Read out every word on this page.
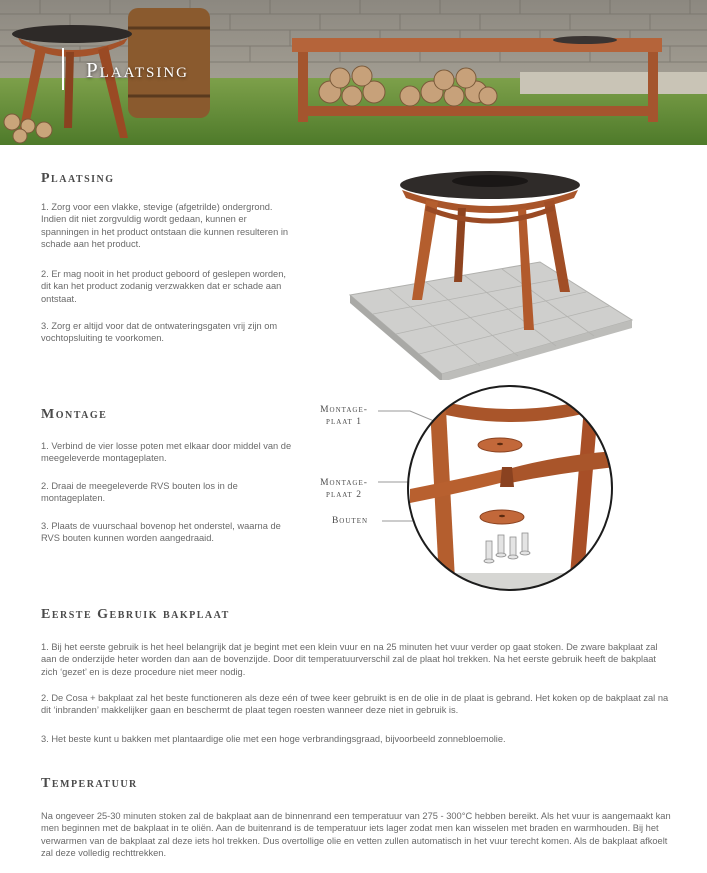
Plaatsing
Plaatsing

1. Zorg voor een vlakke, stevige (afgetrilde) ondergrond. Indien dit niet zorgvuldig wordt gedaan, kunnen er spanningen in het product ontstaan die kunnen resulteren in schade aan het product.

2. Er mag nooit in het product geboord of geslepen worden, dit kan het product zodanig verzwakken dat er schade aan ontstaat.

3. Zorg er altijd voor dat de ontwateringsgaten vrij zijn om vochtopsluiting te voorkomen.

Montage

1. Verbind de vier losse poten met elkaar door middel van de meegeleverde montageplaten.

2. Draai de meegeleverde RVS bouten los in de montageplaten.

3. Plaats de vuurschaal bovenop het onderstel, waarna de RVS bouten kunnen worden aangedraaid.

Montage-
plaat 1
Montage-
plaat 2
Bouten
Eerste Gebruik bakplaat

1. Bij het eerste gebruik is het heel belangrijk dat je begint met een klein vuur en na 25 minuten het vuur verder op gaat stoken. De zware bakplaat zal aan de onderzijde heter worden dan aan de bovenzijde. Door dit temperatuurverschil zal de plaat hol trekken. Na het eerste gebruik heeft de bakplaat zich ‘gezet’ en is deze procedure niet meer nodig.

2. De Cosa + bakplaat zal het beste functioneren als deze eén of twee keer gebruikt is en de olie in de plaat is gebrand. Het koken op de bakplaat zal na dit ‘inbranden’ makkelijker gaan en beschermt de plaat tegen roesten wanneer deze niet in gebruik is.

3. Het beste kunt u bakken met plantaardige olie met een hoge verbrandingsgraad, bijvoorbeeld zonnebloemolie.

Temperatuur

Na ongeveer 25-30 minuten stoken zal de bakplaat aan de binnenrand een temperatuur van 275 - 300°C hebben bereikt. Als het vuur is aangemaakt kan men beginnen met de bakplaat in te oliën. Aan de buitenrand is de temperatuur iets lager zodat men kan wisselen met braden en warmhouden. Bij het verwarmen van de bakplaat zal deze iets hol trekken. Dus overtollige olie en vetten zullen automatisch in het vuur terecht komen. Als de bakplaat afkoelt zal deze volledig rechttrekken.
